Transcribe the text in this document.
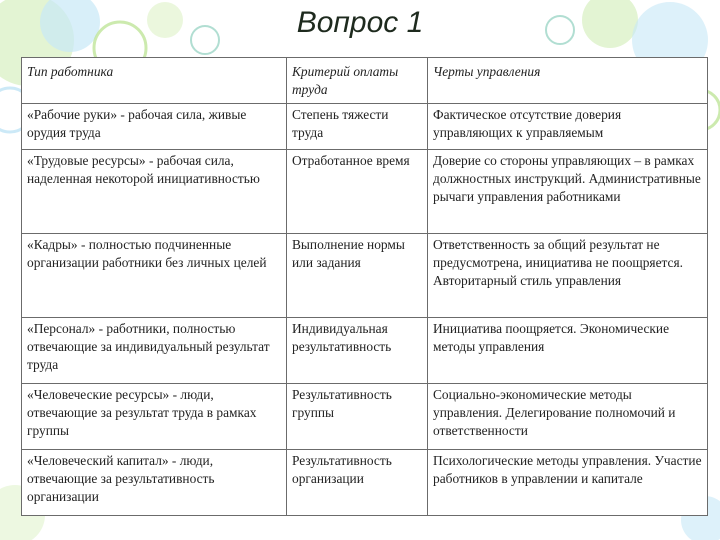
Вопрос 1
Тип работника	Критерий оплаты труда	Черты управления
«Рабочие руки» - рабочая сила, живые орудия труда	Степень тяжести труда	Фактическое отсутствие доверия управляющих к управляемым
«Трудовые ресурсы» - рабочая сила, наделенная некоторой инициативностью	Отработанное время	Доверие со стороны управляющих – в рамках должностных инструкций. Административные рычаги управления работниками
«Кадры» - полностью подчиненные организации работники без личных целей	Выполнение нормы или задания	Ответственность за общий результат не предусмотрена, инициатива не поощряется. Авторитарный стиль управления
«Персонал» - работники, полностью отвечающие за индивидуальный результат труда	Индивидуальная результативность	Инициатива поощряется. Экономические методы управления
«Человеческие ресурсы» - люди, отвечающие за результат труда в рамках группы	Результативность группы	Социально-экономические методы управления. Делегирование полномочий и ответственности
«Человеческий капитал» - люди, отвечающие за результативность организации	Результативность организации	Психологические методы управления. Участие работников в управлении и капитале
